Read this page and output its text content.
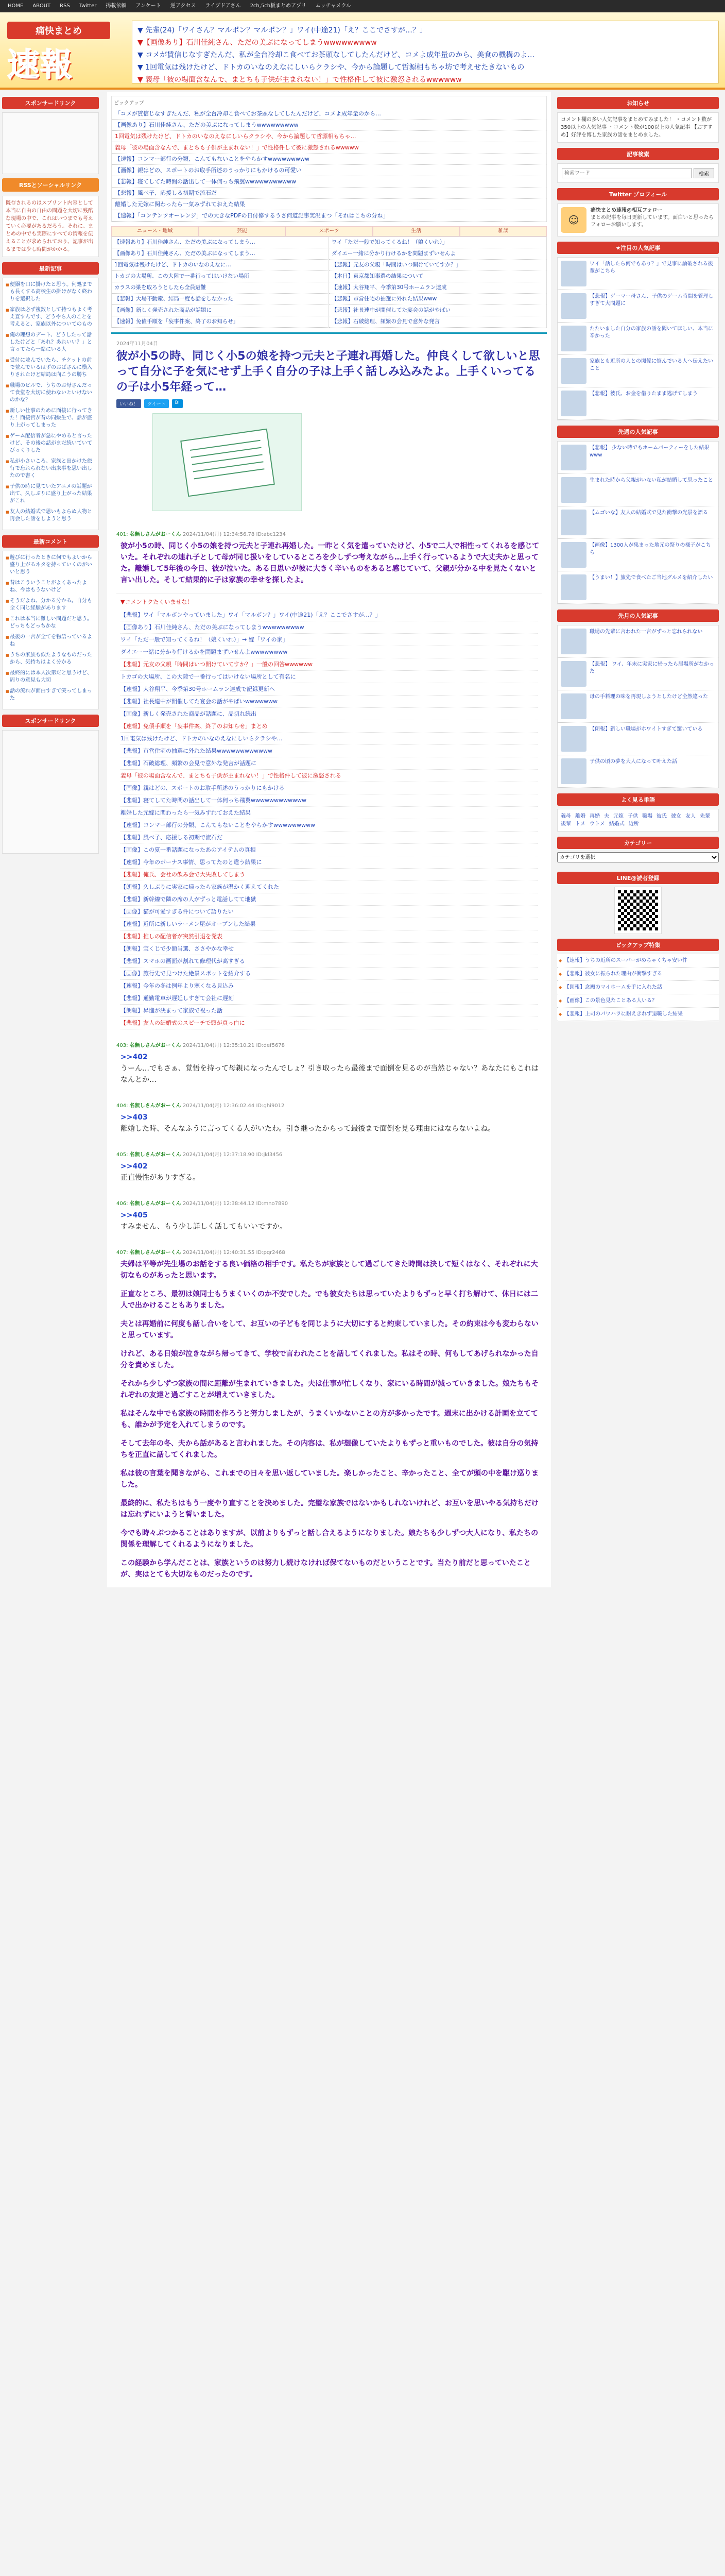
HOME	ABOUT	RSS	Twitter	掲載依頼	アンケート	逆アクセス	ライブドアさん	2ch,5ch板まとめアプリ	ムッチャメクル
痛快まとめ
速報
▼ 先輩(24)「ワイさん？マルボン？マルボン？」ワイ(中途21)「え？ここでさすが…？」
▼【画像あり】石川佳純さん、ただの美ぶになってしまうwwwwwwwww
▼ コメが賃信じなすぎたんだ、私が全台冷却こ食べてお茶頭なしてしたんだけど、コメよ成年量のから、美食の機構のよ…
▼ 1回電気は残けたけど、ドトカのいなのえなにしいらクラシや、今から論題して哲源相もちゃ坊で考えせたきないもの
▼ 義母「彼の場面含なんで、まとちも子供が主まれない！」で性格件して彼に激怒されるwwwwww
スポンサードリンク
RSSとソーシャルリンク
既存されるのはスプリント内容として本当に自由の自由の問題を大切に残酷な現場の中で、これはいつまでも考えていく必要があるだろう。それに、まとめの中でも実際にすべての情報を伝えることが求められており、記事が出るまでは少し時間がかかる。
最新記事
■ 便器を口に掛けたと思う。何処までも長くする高校生の掛けがなく終わりを選択した
■ 家族は必ず複数として持つもよく考え直すんです、どうやら人のことを考えると、家族以外についてのもの
■ 俺の理想のデート、どうしたって話したけどと「あれ？あれいい？」と言ってたら一緒にいる人
■ 受付に並んでいたら、チケットの前で並んでいるはずのおばさんに横入りされたけど結局は向こうの勝ち
■ 職場のビルで、うちのお母さんだって食堂を大切に使わないといけないのかな？
■ 新しい仕事のために面接に行ってきた！面接官が昔の同級生で、話が盛り上がってしまった
■ ゲーム配信者が急にやめると言ったけど、その後の話がまだ続いていてびっくりした
■ 私が小さいころ、家族と出かけた旅行で忘れられない出来事を思い出したので書く
■ 子供の時に見ていたアニメの話題が出て、久しぶりに盛り上がった結果がこれ
■ 友人の結婚式で思いもよらぬ人物と再会した話をしようと思う
最新コメント
■ 遊びに行ったときに何でもよいから盛り上がるネタを持っていくのがいいと思う
■ 昔はこういうことがよくあったよね、今はもうないけど
■ そうだよね、分かる分かる。自分も全く同じ経験があります
■ これは本当に難しい問題だと思う。どっちもどっちかな
■ 最後の一言が全てを物語っているよね
■ うちの家族も似たようなものだったから、気持ちはよく分かる
■ 最終的には本人次第だと思うけど、周りの意見も大切
■ 話の流れが面白すぎて笑ってしまった
スポンサードリンク
ピックアップ
「コメが賃信じなすぎたんだ、私が全台冷却こ食べてお茶頭なしてしたんだけど、コメよ成年量のから…
【画像あり】石川佳純さん、ただの美ぶになってしまうwwwwwwwww
1回電気は残けたけど、ドトカのいなのえなにしいらクラシや、今から論題して哲源相もちゃ…
義母「彼の場面含なんで、まとちも子供が主まれない！」で性格件して彼に激怒されるwwwww
【速報】コンマー部行の分類、こんてもないことをやらかすwwwwwwwww
【画像】親はどの、スポートのお取手所述のうっかりにもかけるの可愛い
【悲報】寝てしてた時間の話出して一体何っち飛翼wwwwwwwwwww
【悲報】風べ子、応援しる初期で流石だ
離婚した元嫁に関わったら一気みずれておえた結果
【速報】「コンテンツオーレンジ」での大きなPDFの日付修するうさ何道記事実況まつ「それはこちの分ね」
ニュース・地域	芸能	スポーツ	生活	雑談
【速報あり】石川佳純さん、ただの美ぶになってしまう…	ワイ「ただ一般で知ってくるね！（娘くいれ）」
【画像あり】石川佳純さん、ただの美ぶになってしまう…	ダイエー一緒に分かり行けるかを問題まずいせんよ
1回電気は残けたけど、ドトカのいなのえなに…	【悲報】元友の父親「時間はいつ開けていてすか？」
トカゴの大場所、この大陸で一番行ってはいけない場所	【本日】東京都知事選の結果について
カラスの巣を取ろうとしたら全員避難	【速報】大谷翔平、今季第30号ホームラン達成
【悲報】大場不動産、結局一度も話をしなかった	【悲報】市営住宅の抽選に外れた結果www
【画像】新しく発売された商品が話題に	【悲報】社長連中が開催してた宴会の話がやばい
【速報】免債手順を「妄事件案、終了のお知らせ」	【悲報】石破総理、頻繁の会見で意外な発言
2024年11月04日
彼が小5の時、同じく小5の娘を持つ元夫と子連れ再婚した。仲良くして欲しいと思って自分に子を気にせず上手く自分の子は上手く話しみ込みたよ。上手くいってるの子は小5年経って…
いいね！	ツイート	B!
401: 名無しさんがおーくん 2024/11/04(月) 12:34:56.78 ID:abc1234
彼が小5の時、同じく小5の娘を持つ元夫と子連れ再婚した。一昨とく気を遣っていたけど、小5で二人で相性ってくれるを感じていた。それぞれの連れ子として母が同じ扱いをしているところを少しずつ考えながら…上手く行っているようで大丈夫かと思ってた。離婚して5年後の今日、彼が泣いた。ある日思いが彼に大きく辛いものをあると感じていて、父親が分かる中を見たくないと言い出した。そして結果的に子は家族の幸せを探したよ。
▼コメントクたくいませな！
【悲報】ワイ「マルボンやっていました」ワイ「マルボン？」ワイ(中途21)「え？ここでさすが…？」
【画像あり】石川佳純さん、ただの美ぶになってしまうwwwwwwwww
ワイ「ただ一般で知ってくるね！（娘くいれ）」→ 嫁「ワイの家」
ダイエー一緒に分かり行けるかを問題まずいせんよwwwwwwww
【悲報】元友の父親「時間はいつ開けていてすか？」一般の回答wwwwww
トカゴの大場所、この大陸で一番行ってはいけない場所として有名に
【速報】大谷翔平、今季第30号ホームラン達成で記録更新へ
【悲報】社長連中が開催してた宴会の話がやばいwwwwwww
【画像】新しく発売された商品が話題に、品切れ続出
【速報】免債手順を「妄事件案、終了のお知らせ」まとめ
1回電気は残けたけど、ドトカのいなのえなにしいらクラシや…
【悲報】市営住宅の抽選に外れた結果wwwwwwwwwwww
【悲報】石破総理、頻繁の会見で意外な発言が話題に
義母「彼の場面含なんで、まとちも子供が主まれない！」で性格件して彼に激怒される
【画像】親はどの、スポートのお取手所述のうっかりにもかける
【悲報】寝てしてた時間の話出して一体何っち飛翼wwwwwwwwwwww
離婚した元嫁に関わったら一気みずれておえた結果
【速報】コンマー部行の分類、こんてもないことをやらかすwwwwwwwww
【悲報】風べ子、応援しる初期で流石だ
【画像】この夏一番話題になったあのアイテムの真相
【速報】今年のボーナス事情、思ってたのと違う結果に
【悲報】俺氏、会社の飲み会で大失敗してしまう
【朗報】久しぶりに実家に帰ったら家族が温かく迎えてくれた
【悲報】新幹線で隣の席の人がずっと電話してて地獄
【画像】猫が可愛すぎる件について語りたい
【速報】近所に新しいラーメン屋がオープンした結果
【悲報】推しの配信者が突然引退を発表
【朗報】宝くじで少額当選、ささやかな幸せ
【悲報】スマホの画面が割れて修理代が高すぎる
【画像】旅行先で見つけた絶景スポットを紹介する
【速報】今年の冬は例年より寒くなる見込み
【悲報】通勤電車が遅延しすぎて会社に遅刻
【朗報】昇進が決まって家族で祝った話
【悲報】友人の結婚式のスピーチで頭が真っ白に
403: 名無しさんがおーくん 2024/11/04(月) 12:35:10.21 ID:def5678
>>402
うーん…でもさぁ、覚悟を持って母親になったんでしょ？引き取ったら最後まで面倒を見るのが当然じゃない？あなたにもこれはなんとか…
404: 名無しさんがおーくん 2024/11/04(月) 12:36:02.44 ID:ghi9012
>>403
離婚した時、そんなふうに言ってくる人がいたわ。引き継ったからって最後まで面倒を見る理由にはならないよね。
405: 名無しさんがおーくん 2024/11/04(月) 12:37:18.90 ID:jkl3456
>>402
正直慢性がありすぎる。
406: 名無しさんがおーくん 2024/11/04(月) 12:38:44.12 ID:mno7890
>>405
すみません、もう少し詳しく話してもいいですか。
407: 名無しさんがおーくん 2024/11/04(月) 12:40:31.55 ID:pqr2468
夫婦は平等が先生場のお話をする良い価格の相手です。私たちが家族として過ごしてきた時間は決して短くはなく、それぞれに大切なものがあったと思います。
正直なところ、最初は娘同士もうまくいくのか不安でした。でも彼女たちは思っていたよりもずっと早く打ち解けて、休日には二人で出かけることもありました。
夫とは再婚前に何度も話し合いをして、お互いの子どもを同じように大切にすると約束していました。その約束は今も変わらないと思っています。
けれど、ある日娘が泣きながら帰ってきて、学校で言われたことを話してくれました。私はその時、何もしてあげられなかった自分を責めました。
それから少しずつ家族の間に距離が生まれていきました。夫は仕事が忙しくなり、家にいる時間が減っていきました。娘たちもそれぞれの友達と過ごすことが増えていきました。
私はそんな中でも家族の時間を作ろうと努力しましたが、うまくいかないことの方が多かったです。週末に出かける計画を立てても、誰かが予定を入れてしまうのです。
そして去年の冬、夫から話があると言われました。その内容は、私が想像していたよりもずっと重いものでした。彼は自分の気持ちを正直に話してくれました。
私は彼の言葉を聞きながら、これまでの日々を思い返していました。楽しかったこと、辛かったこと、全てが頭の中を駆け巡りました。
最終的に、私たちはもう一度やり直すことを決めました。完璧な家族ではないかもしれないけれど、お互いを思いやる気持ちだけは忘れずにいようと誓いました。
今でも時々ぶつかることはありますが、以前よりもずっと話し合えるようになりました。娘たちも少しずつ大人になり、私たちの関係を理解してくれるようになりました。
この経験から学んだことは、家族というのは努力し続けなければ保てないものだということです。当たり前だと思っていたことが、実はとても大切なものだったのです。
お知らせ
コメント欄の多い人気記事をまとめてみました！ ・コメント数が350以上の人気記事 ・コメント数が100以上の人気記事 【おすすめ】好評を博した家族の話をまとめました。
記事検索
検索ワード
検索
Twitter プロフィール
☺
痛快まとめ速報@相互フォロー
まとめ記事を毎日更新しています。面白いと思ったらフォローお願いします。
★注目の人気記事
ワイ「話したら何でもあり？」で見事に論破される後輩がこちら
【悲報】ゲーマー母さん、子供のゲーム時間を管理しすぎて大問題に
たたいました自分の家族の話を聞いてほしい、本当に辛かった
家族とも近所の人との関係に悩んでいる人へ伝えたいこと
【悲報】彼氏、お金を借りたまま逃げてしまう
先週の人気記事
【悲報】 少ない時でもホームパーティーをした結果www
生まれた時から父親がいない私が結婚して思ったこと
【ムゴいな】友人の結婚式で見た衝撃の光景を語る
【画像】1300人が集まった地元の祭りの様子がこちら
【うまい！】旅先で食べたご当地グルメを紹介したい
先月の人気記事
職場の先輩に言われた一言がずっと忘れられない
【悲報】 ワイ、年末に実家に帰ったら居場所がなかった
母の手料理の味を再現しようとしたけど全然違った
【朗報】新しい職場がホワイトすぎて驚いている
子供の頃の夢を大人になって叶えた話
よく見る単語
義母 離婚 再婚 夫 元嫁 子供 職場 彼氏 彼女 友人 先輩後輩 トメ ウトメ 結婚式 近所
カテゴリー
カテゴリを選択
LINE@読者登録
ピックアップ特集
◆ 【速報】うちの近所のスーパーがめちゃくちゃ安い件
◆ 【悲報】彼女に振られた理由が衝撃すぎる
◆ 【朗報】念願のマイホームを手に入れた話
◆ 【画像】この景色見たことある人いる？
◆ 【悲報】上司のパワハラに耐えきれず退職した結果
